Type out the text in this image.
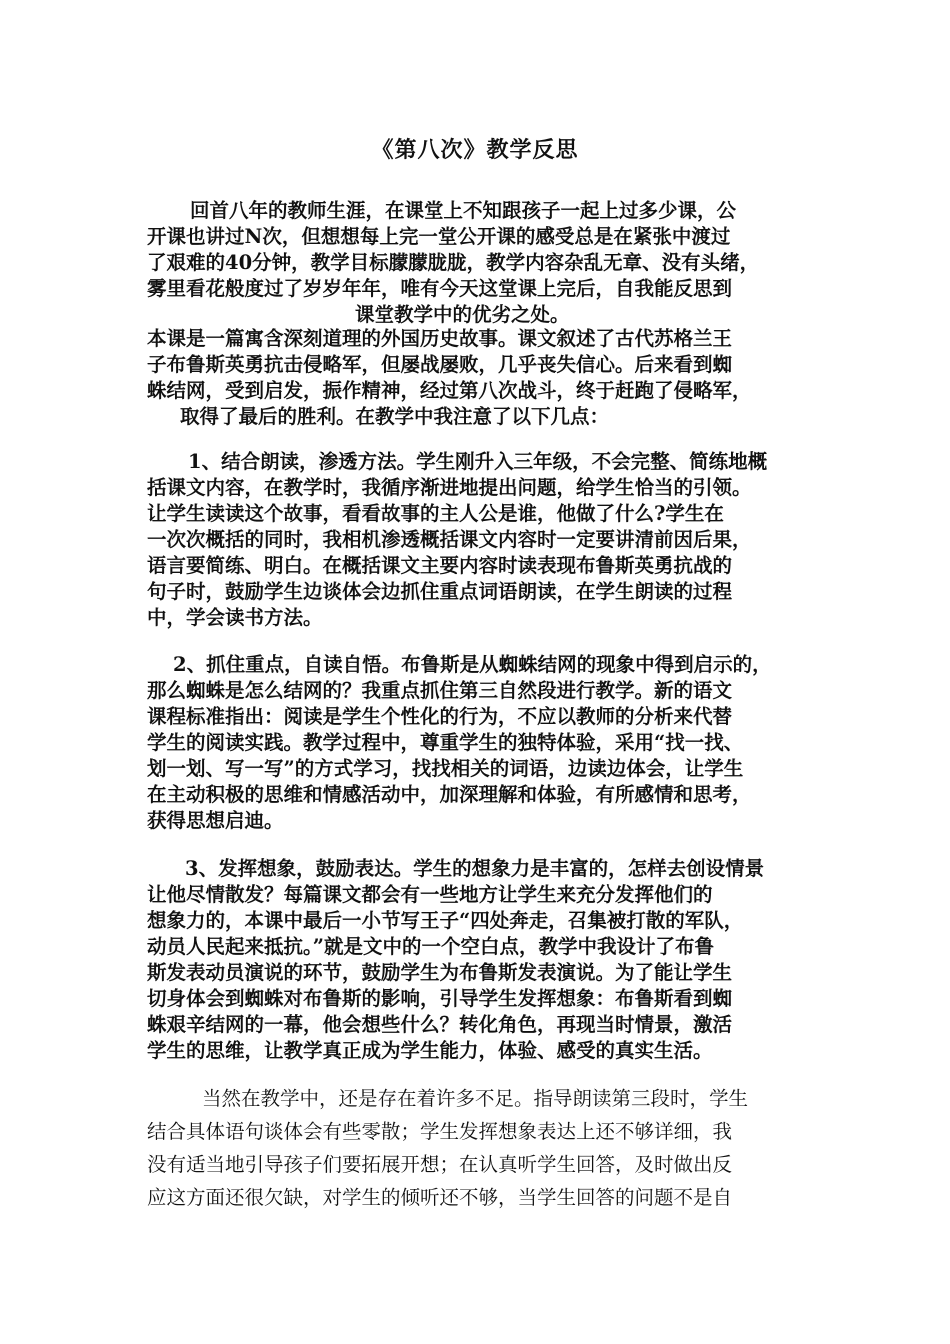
《第八次》教学反思
回首八年的教师生涯，在课堂上不知跟孩子一起上过多少课，公
开课也讲过N次，但想想每上完一堂公开课的感受总是在紧张中渡过
了艰难的40分钟，教学目标朦朦胧胧，教学内容杂乱无章、没有头绪，
雾里看花般度过了岁岁年年，唯有今天这堂课上完后，自我能反思到
课堂教学中的优劣之处。
本课是一篇寓含深刻道理的外国历史故事。课文叙述了古代苏格兰王
子布鲁斯英勇抗击侵略军，但屡战屡败，几乎丧失信心。后来看到蜘
蛛结网，受到启发，振作精神，经过第八次战斗，终于赶跑了侵略军，
取得了最后的胜利。在教学中我注意了以下几点：
1、结合朗读，渗透方法。学生刚升入三年级，不会完整、简练地概
括课文内容，在教学时，我循序渐进地提出问题，给学生恰当的引领。
让学生读读这个故事，看看故事的主人公是谁，他做了什么?学生在
一次次概括的同时，我相机渗透概括课文内容时一定要讲清前因后果，
语言要简练、明白。在概括课文主要内容时读表现布鲁斯英勇抗战的
句子时，鼓励学生边谈体会边抓住重点词语朗读，在学生朗读的过程
中，学会读书方法。
2、抓住重点，自读自悟。布鲁斯是从蜘蛛结网的现象中得到启示的，
那么蜘蛛是怎么结网的？我重点抓住第三自然段进行教学。新的语文
课程标准指出：阅读是学生个性化的行为，不应以教师的分析来代替
学生的阅读实践。教学过程中，尊重学生的独特体验，采用“找一找、
划一划、写一写”的方式学习，找找相关的词语，边读边体会，让学生
在主动积极的思维和情感活动中，加深理解和体验，有所感情和思考，
获得思想启迪。
3、发挥想象，鼓励表达。学生的想象力是丰富的，怎样去创设情景
让他尽情散发？每篇课文都会有一些地方让学生来充分发挥他们的
想象力的，本课中最后一小节写王子“四处奔走，召集被打散的军队，
动员人民起来抵抗。”就是文中的一个空白点，教学中我设计了布鲁
斯发表动员演说的环节，鼓励学生为布鲁斯发表演说。为了能让学生
切身体会到蜘蛛对布鲁斯的影响，引导学生发挥想象：布鲁斯看到蜘
蛛艰辛结网的一幕，他会想些什么？转化角色，再现当时情景，激活
学生的思维，让教学真正成为学生能力，体验、感受的真实生活。
当然在教学中，还是存在着许多不足。指导朗读第三段时，学生
结合具体语句谈体会有些零散；学生发挥想象表达上还不够详细，我
没有适当地引导孩子们要拓展开想；在认真听学生回答，及时做出反
应这方面还很欠缺，对学生的倾听还不够，当学生回答的问题不是自
